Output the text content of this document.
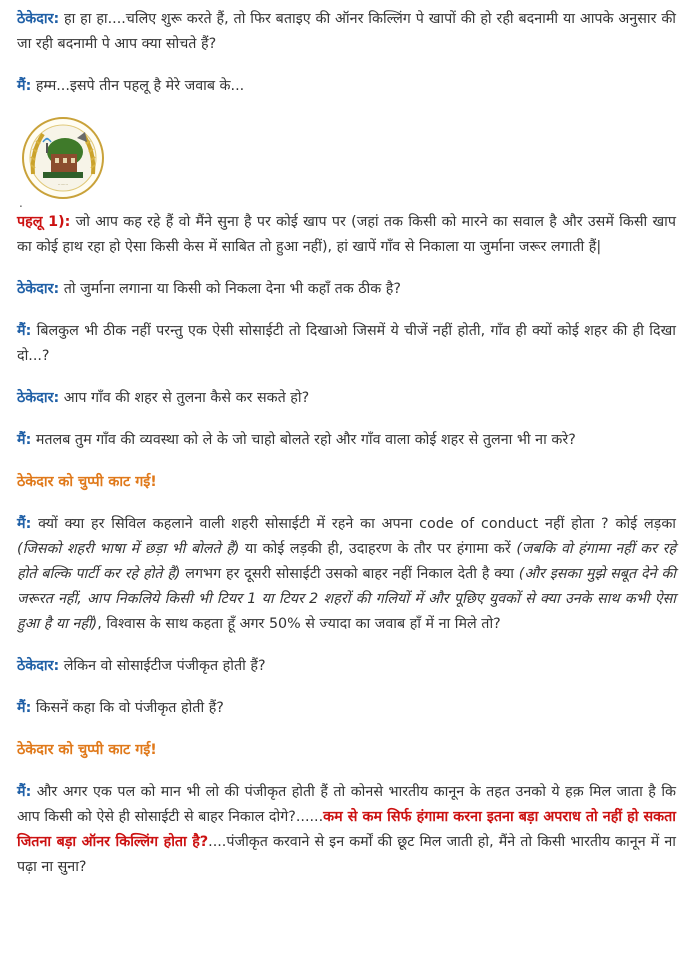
ठेकेदार: हा हा हा....चलिए शुरू करते हैं, तो फिर बताइए की ऑनर किल्लिंग पे खापों की हो रही बदनामी या आपके अनुसार की जा रही बदनामी पे आप क्या सोचते हैं?

मैं: हम्म...इसपे तीन पहलू है मेरे जवाब के...

........
.

पहलू 1): जो आप कह रहे हैं वो मैंने सुना है पर कोई खाप पर (जहां तक किसी को मारने का सवाल है और उसमें किसी खाप का कोई हाथ रहा हो ऐसा किसी केस में साबित तो हुआ नहीं), हां खापें गाँव से निकाला या जुर्माना जरूर लगाती हैं|

ठेकेदार: तो जुर्माना लगाना या किसी को निकला देना भी कहाँ तक ठीक है?

मैं: बिलकुल भी ठीक नहीं परन्तु एक ऐसी सोसाईटी तो दिखाओ जिसमें ये चीजें नहीं होती, गाँव ही क्यों कोई शहर की ही दिखा दो...?

ठेकेदार: आप गाँव की शहर से तुलना कैसे कर सकते हो?

मैं: मतलब तुम गाँव की व्यवस्था को ले के जो चाहो बोलते रहो और गाँव वाला कोई शहर से तुलना भी ना करे?

ठेकेदार को चुप्पी काट गई!

मैं: क्यों क्या हर सिविल कहलाने वाली शहरी सोसाईटी में रहने का अपना code of conduct नहीं होता ? कोई लड़का (जिसको शहरी भाषा में छड़ा भी बोलते हैं) या कोई लड़की ही, उदाहरण के तौर पर हंगामा करें (जबकि वो हंगामा नहीं कर रहे होते बल्कि पार्टी कर रहे होते हैं) लगभग हर दूसरी सोसाईटी उसको बाहर नहीं निकाल देती है क्या (और इसका मुझे सबूत देने की जरूरत नहीं, आप निकलिये किसी भी टियर 1 या टियर 2 शहरों की गलियों में और पूछिए युवकों से क्या उनके साथ कभी ऐसा हुआ है या नहीं), विश्वास के साथ कहता हूँ अगर 50% से ज्यादा का जवाब हाँ में ना मिले तो?

ठेकेदार: लेकिन वो सोसाईटीज पंजीकृत होती हैं?

मैं: किसनें कहा कि वो पंजीकृत होती हैं?

ठेकेदार को चुप्पी काट गई!

मैं: और अगर एक पल को मान भी लो की पंजीकृत होती हैं तो कोनसे भारतीय कानून के तहत उनको ये हक़ मिल जाता है कि आप किसी को ऐसे ही सोसाईटी से बाहर निकाल दोगे?......कम से कम सिर्फ हंगामा करना इतना बड़ा अपराध तो नहीं हो सकता जितना बड़ा ऑनर किल्लिंग होता है?....पंजीकृत करवाने से इन कर्मों की छूट मिल जाती हो, मैंने तो किसी भारतीय कानून में ना पढ़ा ना सुना?
